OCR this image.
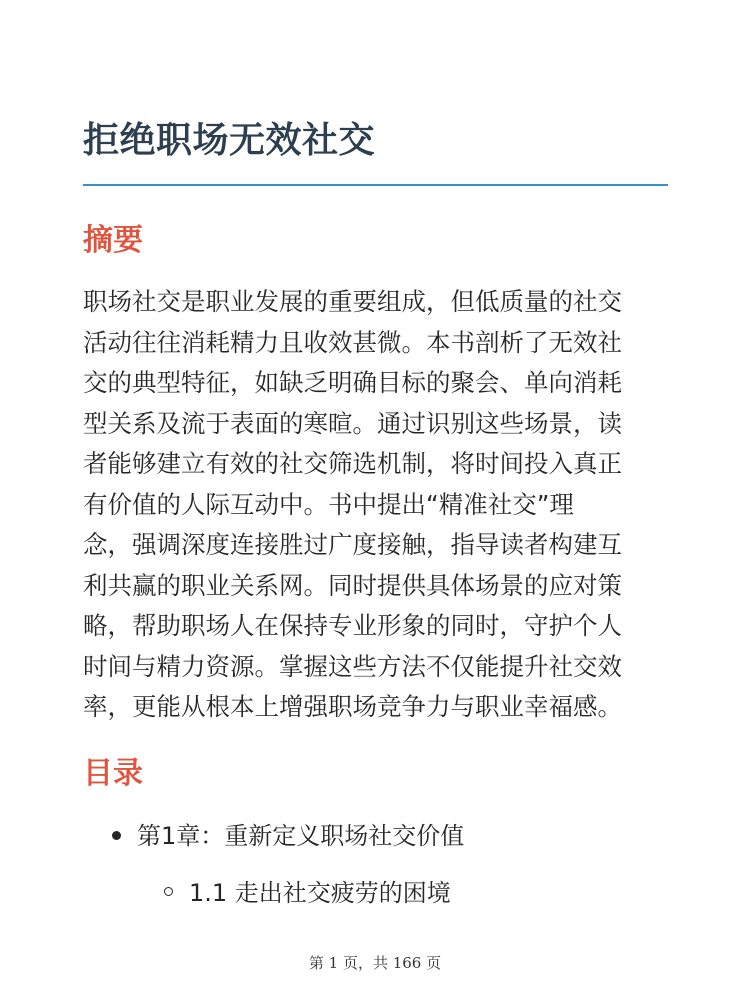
拒绝职场无效社交
摘要

职场社交是职业发展的重要组成，但低质量的社交
活动往往消耗精力且收效甚微。本书剖析了无效社
交的典型特征，如缺乏明确目标的聚会、单向消耗
型关系及流于表面的寒暄。通过识别这些场景，读
者能够建立有效的社交筛选机制，将时间投入真正
有价值的人际互动中。书中提出“精准社交”理
念，强调深度连接胜过广度接触，指导读者构建互
利共赢的职业关系网。同时提供具体场景的应对策
略，帮助职场人在保持专业形象的同时，守护个人
时间与精力资源。掌握这些方法不仅能提升社交效
率，更能从根本上增强职场竞争力与职业幸福感。

目录
第1章：重新定义职场社交价值
1.1 走出社交疲劳的困境
第 1 页，共 166 页
